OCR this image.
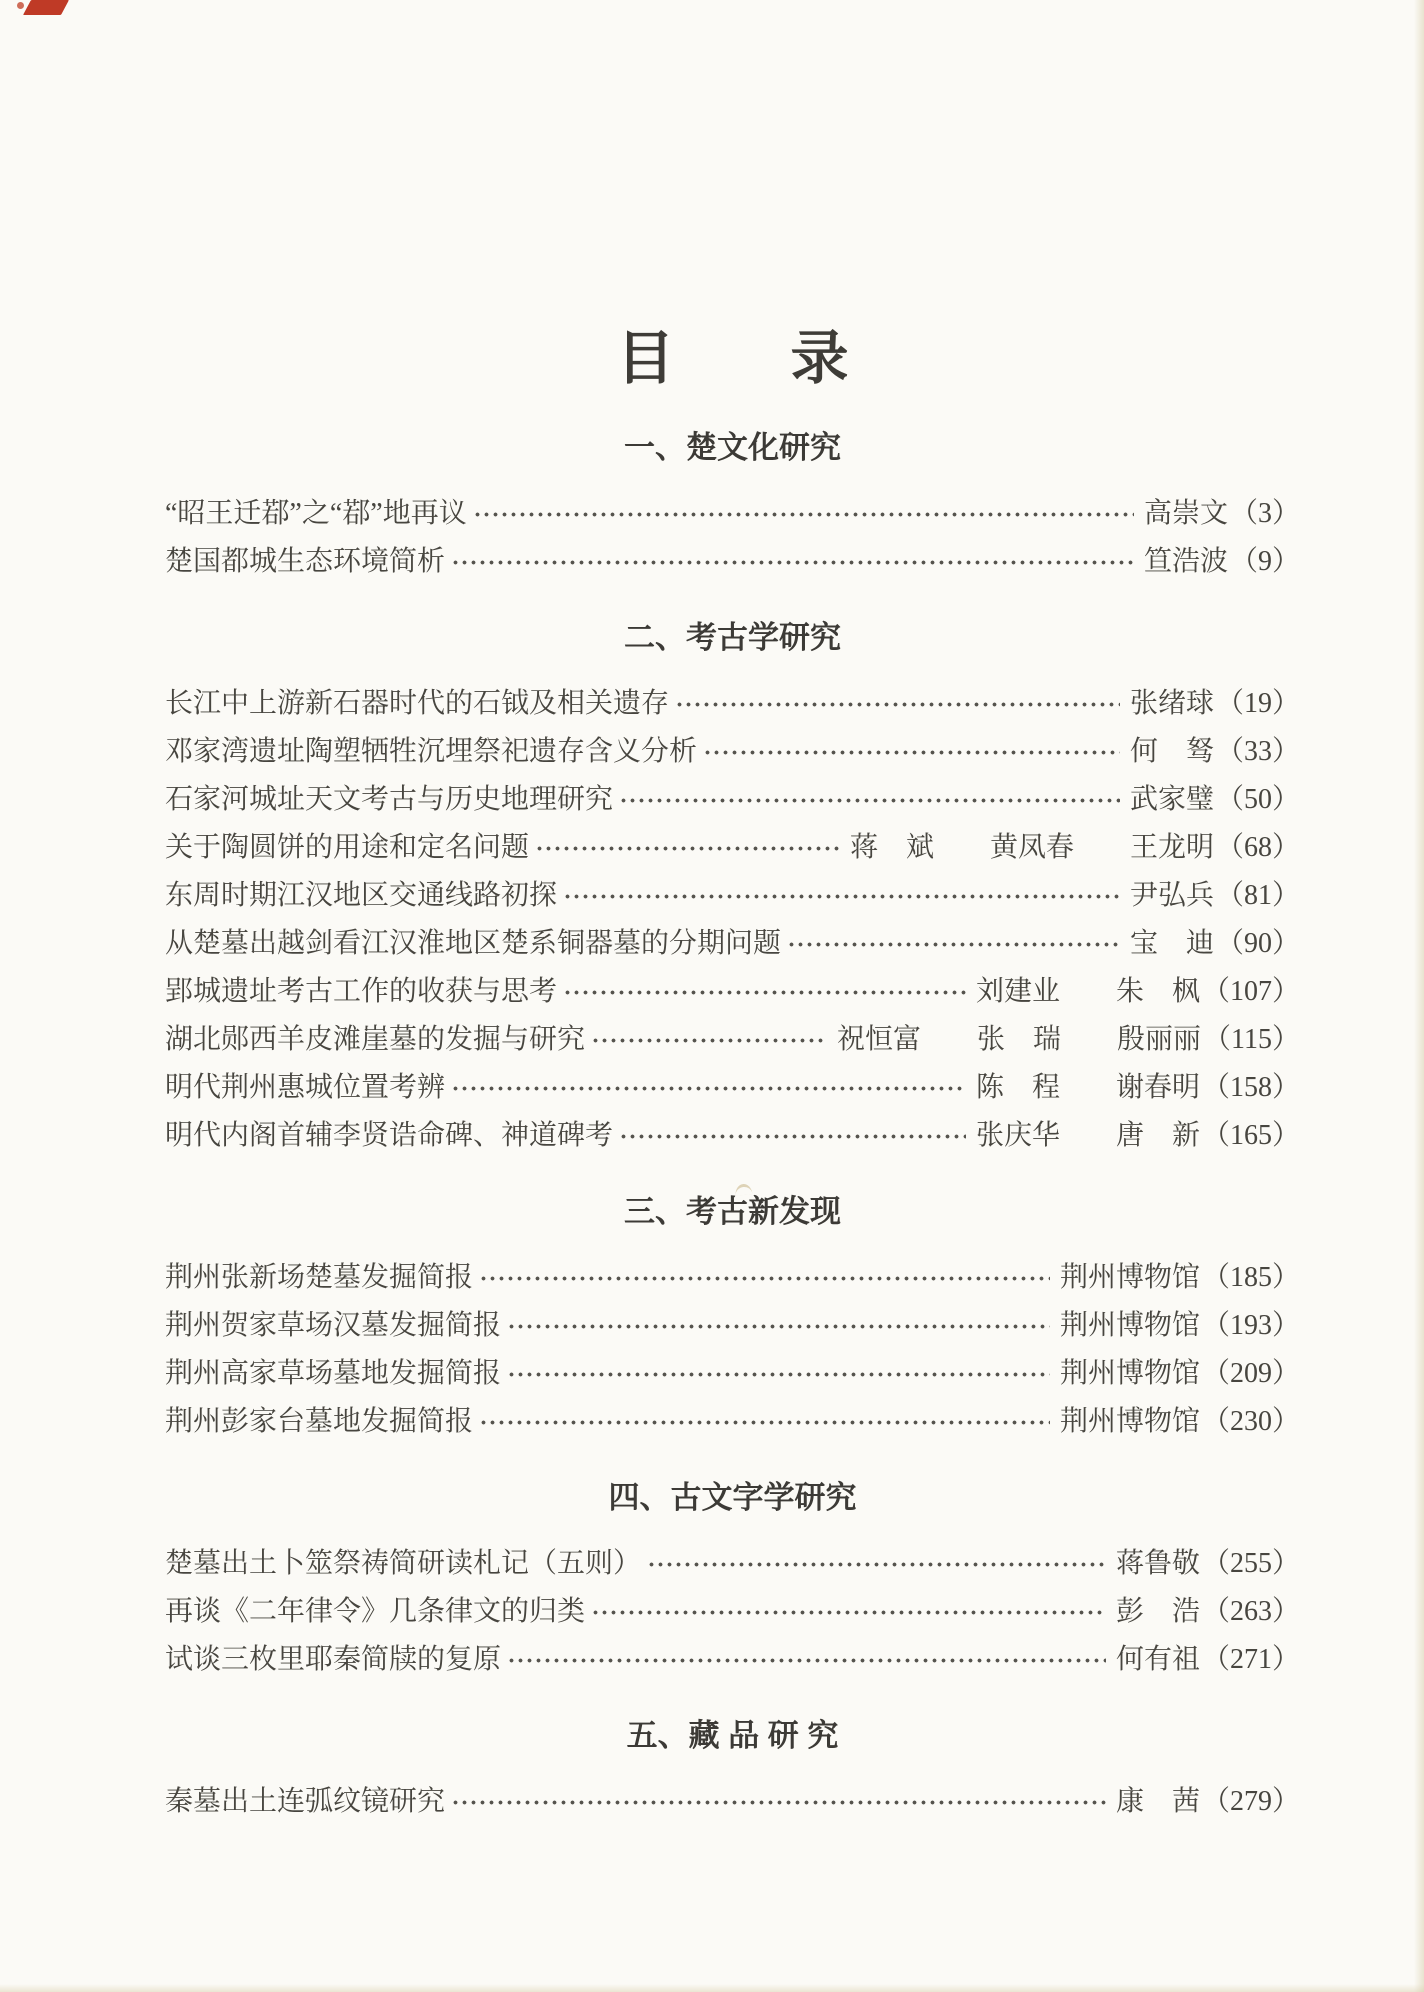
目　　录
一、楚文化研究
“昭王迁鄀”之“鄀”地再议	高崇文 （3）
楚国都城生态环境简析	笪浩波 （9）
二、考古学研究
长江中上游新石器时代的石钺及相关遗存	张绪球 （19）
邓家湾遗址陶塑牺牲沉埋祭祀遗存含义分析	何　驽 （33）
石家河城址天文考古与历史地理研究	武家璧 （50）
关于陶圆饼的用途和定名问题	蒋　斌　　黄凤春　　王龙明 （68）
东周时期江汉地区交通线路初探	尹弘兵 （81）
从楚墓出越剑看江汉淮地区楚系铜器墓的分期问题	宝　迪 （90）
郢城遗址考古工作的收获与思考	刘建业　　朱　枫 （107）
湖北郧西羊皮滩崖墓的发掘与研究	祝恒富　　张　瑞　　殷丽丽 （115）
明代荆州惠城位置考辨	陈　程　　谢春明 （158）
明代内阁首辅李贤诰命碑、神道碑考	张庆华　　唐　新 （165）
三、考古新发现
荆州张新场楚墓发掘简报	荆州博物馆 （185）
荆州贺家草场汉墓发掘简报	荆州博物馆 （193）
荆州高家草场墓地发掘简报	荆州博物馆 （209）
荆州彭家台墓地发掘简报	荆州博物馆 （230）
四、古文字学研究
楚墓出土卜筮祭祷简研读札记（五则）	蒋鲁敬 （255）
再谈《二年律令》几条律文的归类	彭　浩 （263）
试谈三枚里耶秦简牍的复原	何有祖 （271）
五、藏 品 研 究
秦墓出土连弧纹镜研究	康　茜 （279）
